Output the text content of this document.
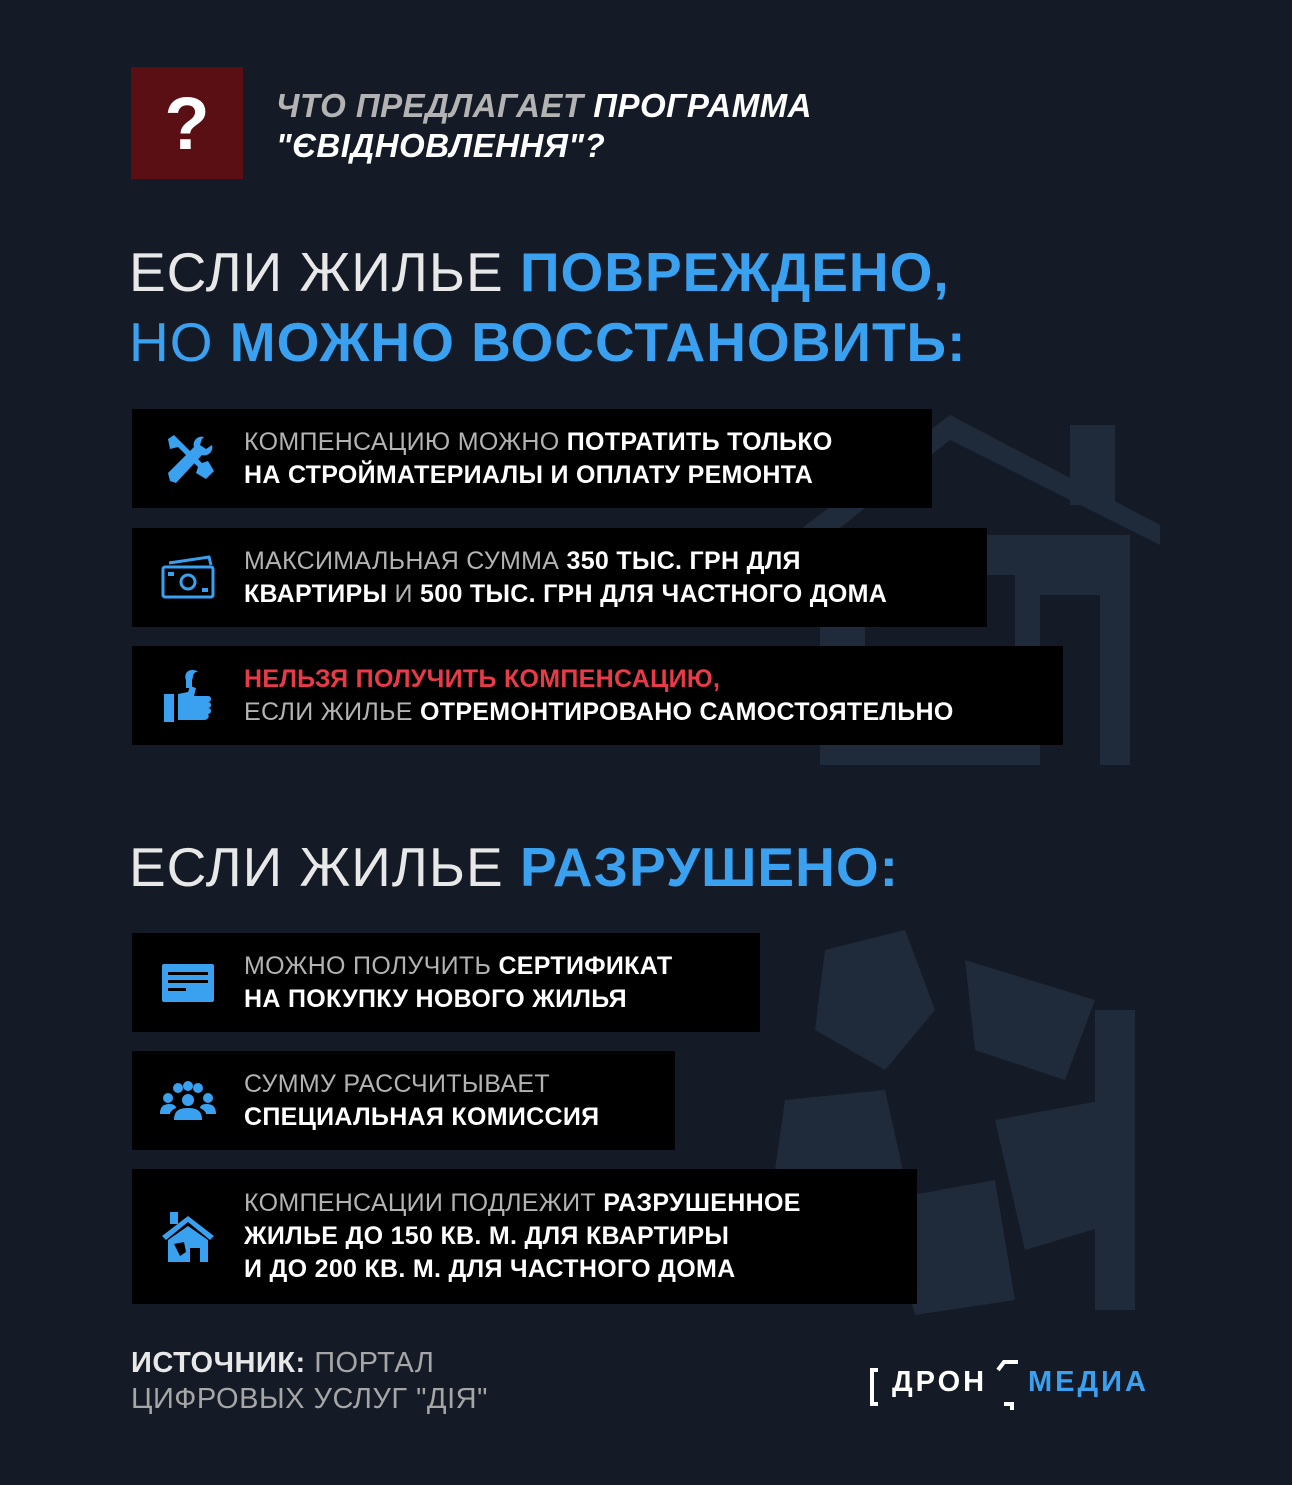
? ЧТО ПРЕДЛАГАЕТ ПРОГРАММА
"ЄВІДНОВЛЕННЯ"?
ЕСЛИ ЖИЛЬЕ ПОВРЕЖДЕНО,
НО МОЖНО ВОССТАНОВИТЬ:
КОМПЕНСАЦИЮ МОЖНО ПОТРАТИТЬ ТОЛЬКО
НА СТРОЙМАТЕРИАЛЫ И ОПЛАТУ РЕМОНТА
МАКСИМАЛЬНАЯ СУММА 350 ТЫС. ГРН ДЛЯ
КВАРТИРЫ И 500 ТЫС. ГРН ДЛЯ ЧАСТНОГО ДОМА
НЕЛЬЗЯ ПОЛУЧИТЬ КОМПЕНСАЦИЮ,
ЕСЛИ ЖИЛЬЕ ОТРЕМОНТИРОВАНО САМОСТОЯТЕЛЬНО
ЕСЛИ ЖИЛЬЕ РАЗРУШЕНО:
МОЖНО ПОЛУЧИТЬ СЕРТИФИКАТ
НА ПОКУПКУ НОВОГО ЖИЛЬЯ
СУММУ РАССЧИТЫВАЕТ
СПЕЦИАЛЬНАЯ КОМИССИЯ
КОМПЕНСАЦИИ ПОДЛЕЖИТ РАЗРУШЕННОЕ
ЖИЛЬЕ ДО 150 КВ. М. ДЛЯ КВАРТИРЫ
И ДО 200 КВ. М. ДЛЯ ЧАСТНОГО ДОМА
ИСТОЧНИК: ПОРТАЛ
ЦИФРОВЫХ УСЛУГ "ДІЯ"
ДРОН МЕДИА
